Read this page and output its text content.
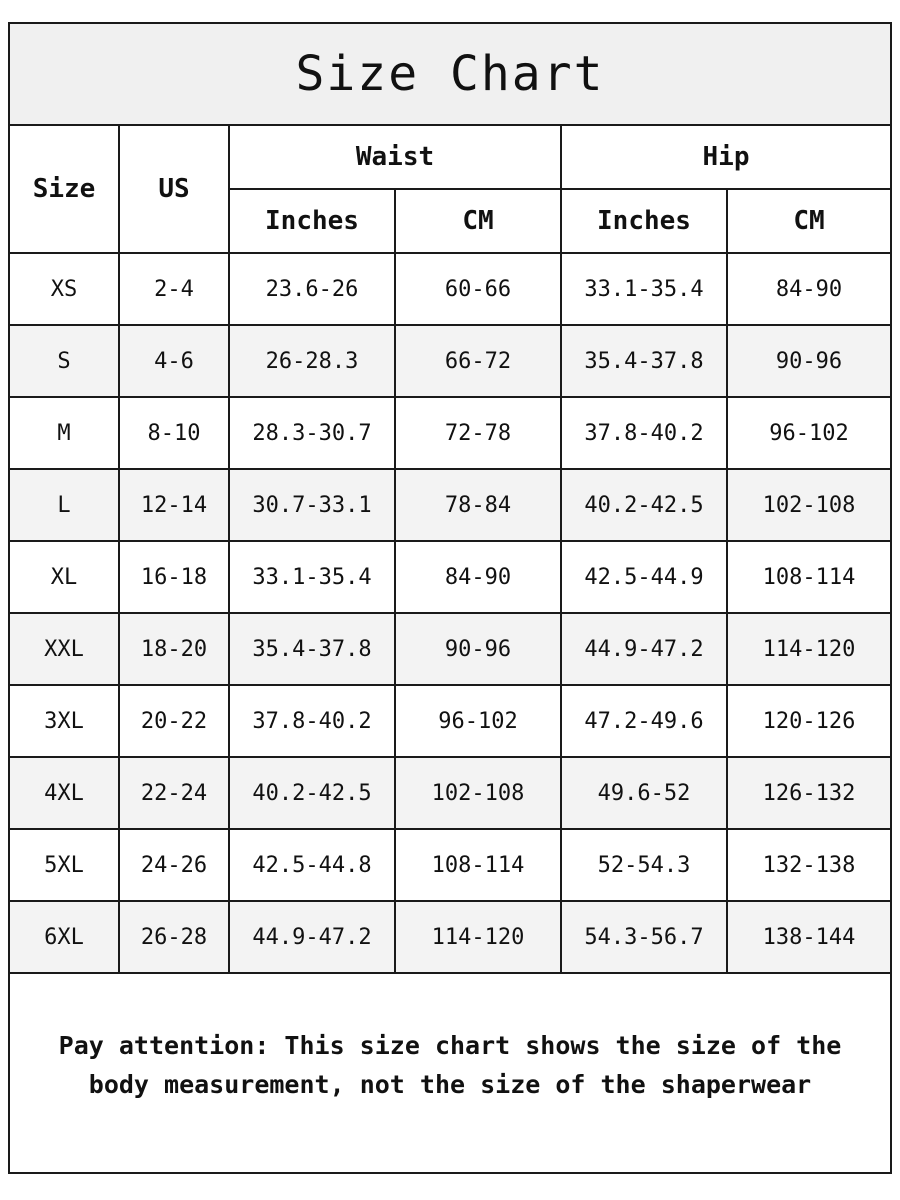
Size Chart
Size	US	Waist		Hip	
		Inches	CM	Inches	CM
XS	2-4	23.6-26	60-66	33.1-35.4	84-90
S	4-6	26-28.3	66-72	35.4-37.8	90-96
M	8-10	28.3-30.7	72-78	37.8-40.2	96-102
L	12-14	30.7-33.1	78-84	40.2-42.5	102-108
XL	16-18	33.1-35.4	84-90	42.5-44.9	108-114
XXL	18-20	35.4-37.8	90-96	44.9-47.2	114-120
3XL	20-22	37.8-40.2	96-102	47.2-49.6	120-126
4XL	22-24	40.2-42.5	102-108	49.6-52	126-132
5XL	24-26	42.5-44.8	108-114	52-54.3	132-138
6XL	26-28	44.9-47.2	114-120	54.3-56.7	138-144
Pay attention: This size chart shows the size of the body measurement, not the size of the shaperwear
